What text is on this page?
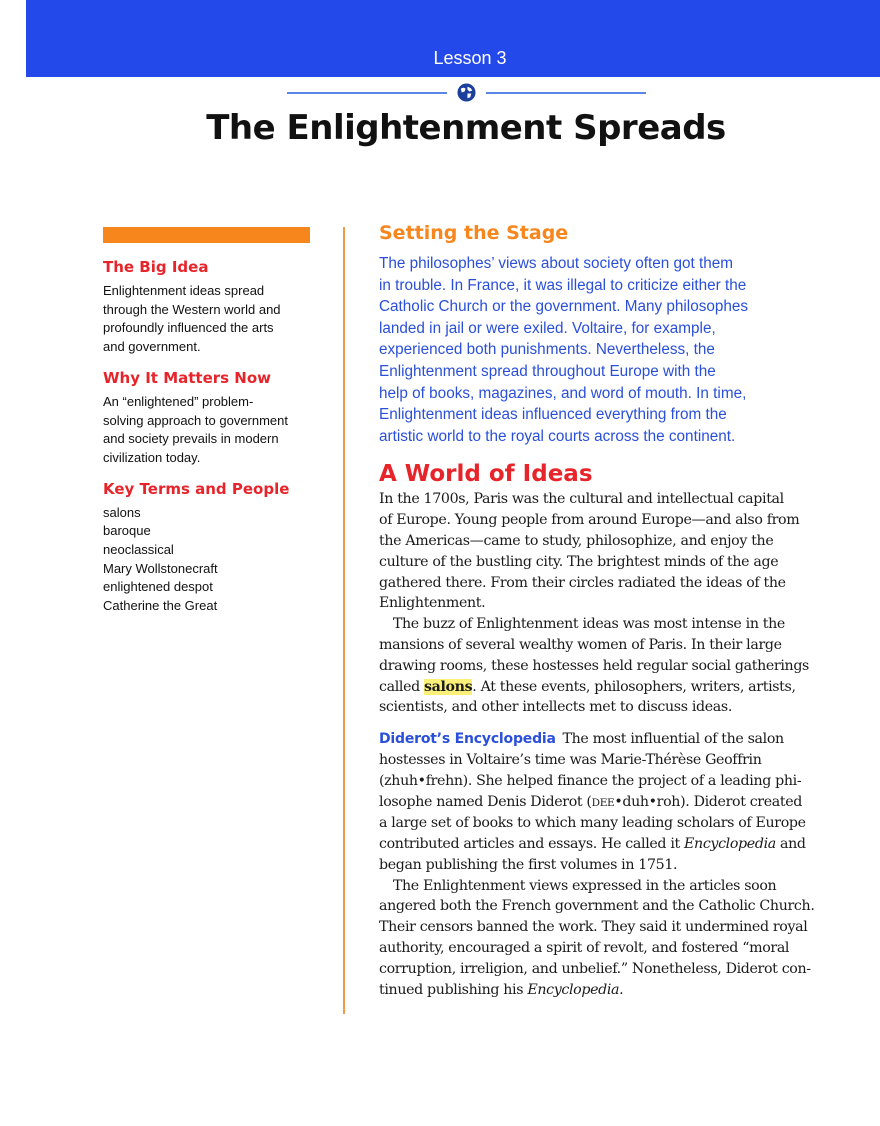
Lesson 3
The Enlightenment Spreads
The Big Idea
Enlightenment ideas spread
through the Western world and
profoundly influenced the arts
and government.
Why It Matters Now
An “enlightened” problem-
solving approach to government
and society prevails in modern
civilization today.
Key Terms and People
salons
baroque
neoclassical
Mary Wollstonecraft
enlightened despot
Catherine the Great
Setting the Stage
The philosophes’ views about society often got them
in trouble. In France, it was illegal to criticize either the
Catholic Church or the government. Many philosophes
landed in jail or were exiled. Voltaire, for example,
experienced both punishments. Nevertheless, the
Enlightenment spread throughout Europe with the
help of books, magazines, and word of mouth. In time,
Enlightenment ideas influenced everything from the
artistic world to the royal courts across the continent.
A World of Ideas
In the 1700s, Paris was the cultural and intellectual capital
of Europe. Young people from around Europe—and also from
the Americas—came to study, philosophize, and enjoy the
culture of the bustling city. The brightest minds of the age
gathered there. From their circles radiated the ideas of the
Enlightenment.
 The buzz of Enlightenment ideas was most intense in the
mansions of several wealthy women of Paris. In their large
drawing rooms, these hostesses held regular social gatherings
called salons. At these events, philosophers, writers, artists,
scientists, and other intellects met to discuss ideas.
Diderot’s Encyclopedia The most influential of the salon
hostesses in Voltaire’s time was Marie-Thérèse Geoffrin
(zhuh•frehn). She helped finance the project of a leading phi-
losophe named Denis Diderot (DEE•duh•roh). Diderot created
a large set of books to which many leading scholars of Europe
contributed articles and essays. He called it Encyclopedia and
began publishing the first volumes in 1751.
 The Enlightenment views expressed in the articles soon
angered both the French government and the Catholic Church.
Their censors banned the work. They said it undermined royal
authority, encouraged a spirit of revolt, and fostered “moral
corruption, irreligion, and unbelief.” Nonetheless, Diderot con-
tinued publishing his Encyclopedia.
